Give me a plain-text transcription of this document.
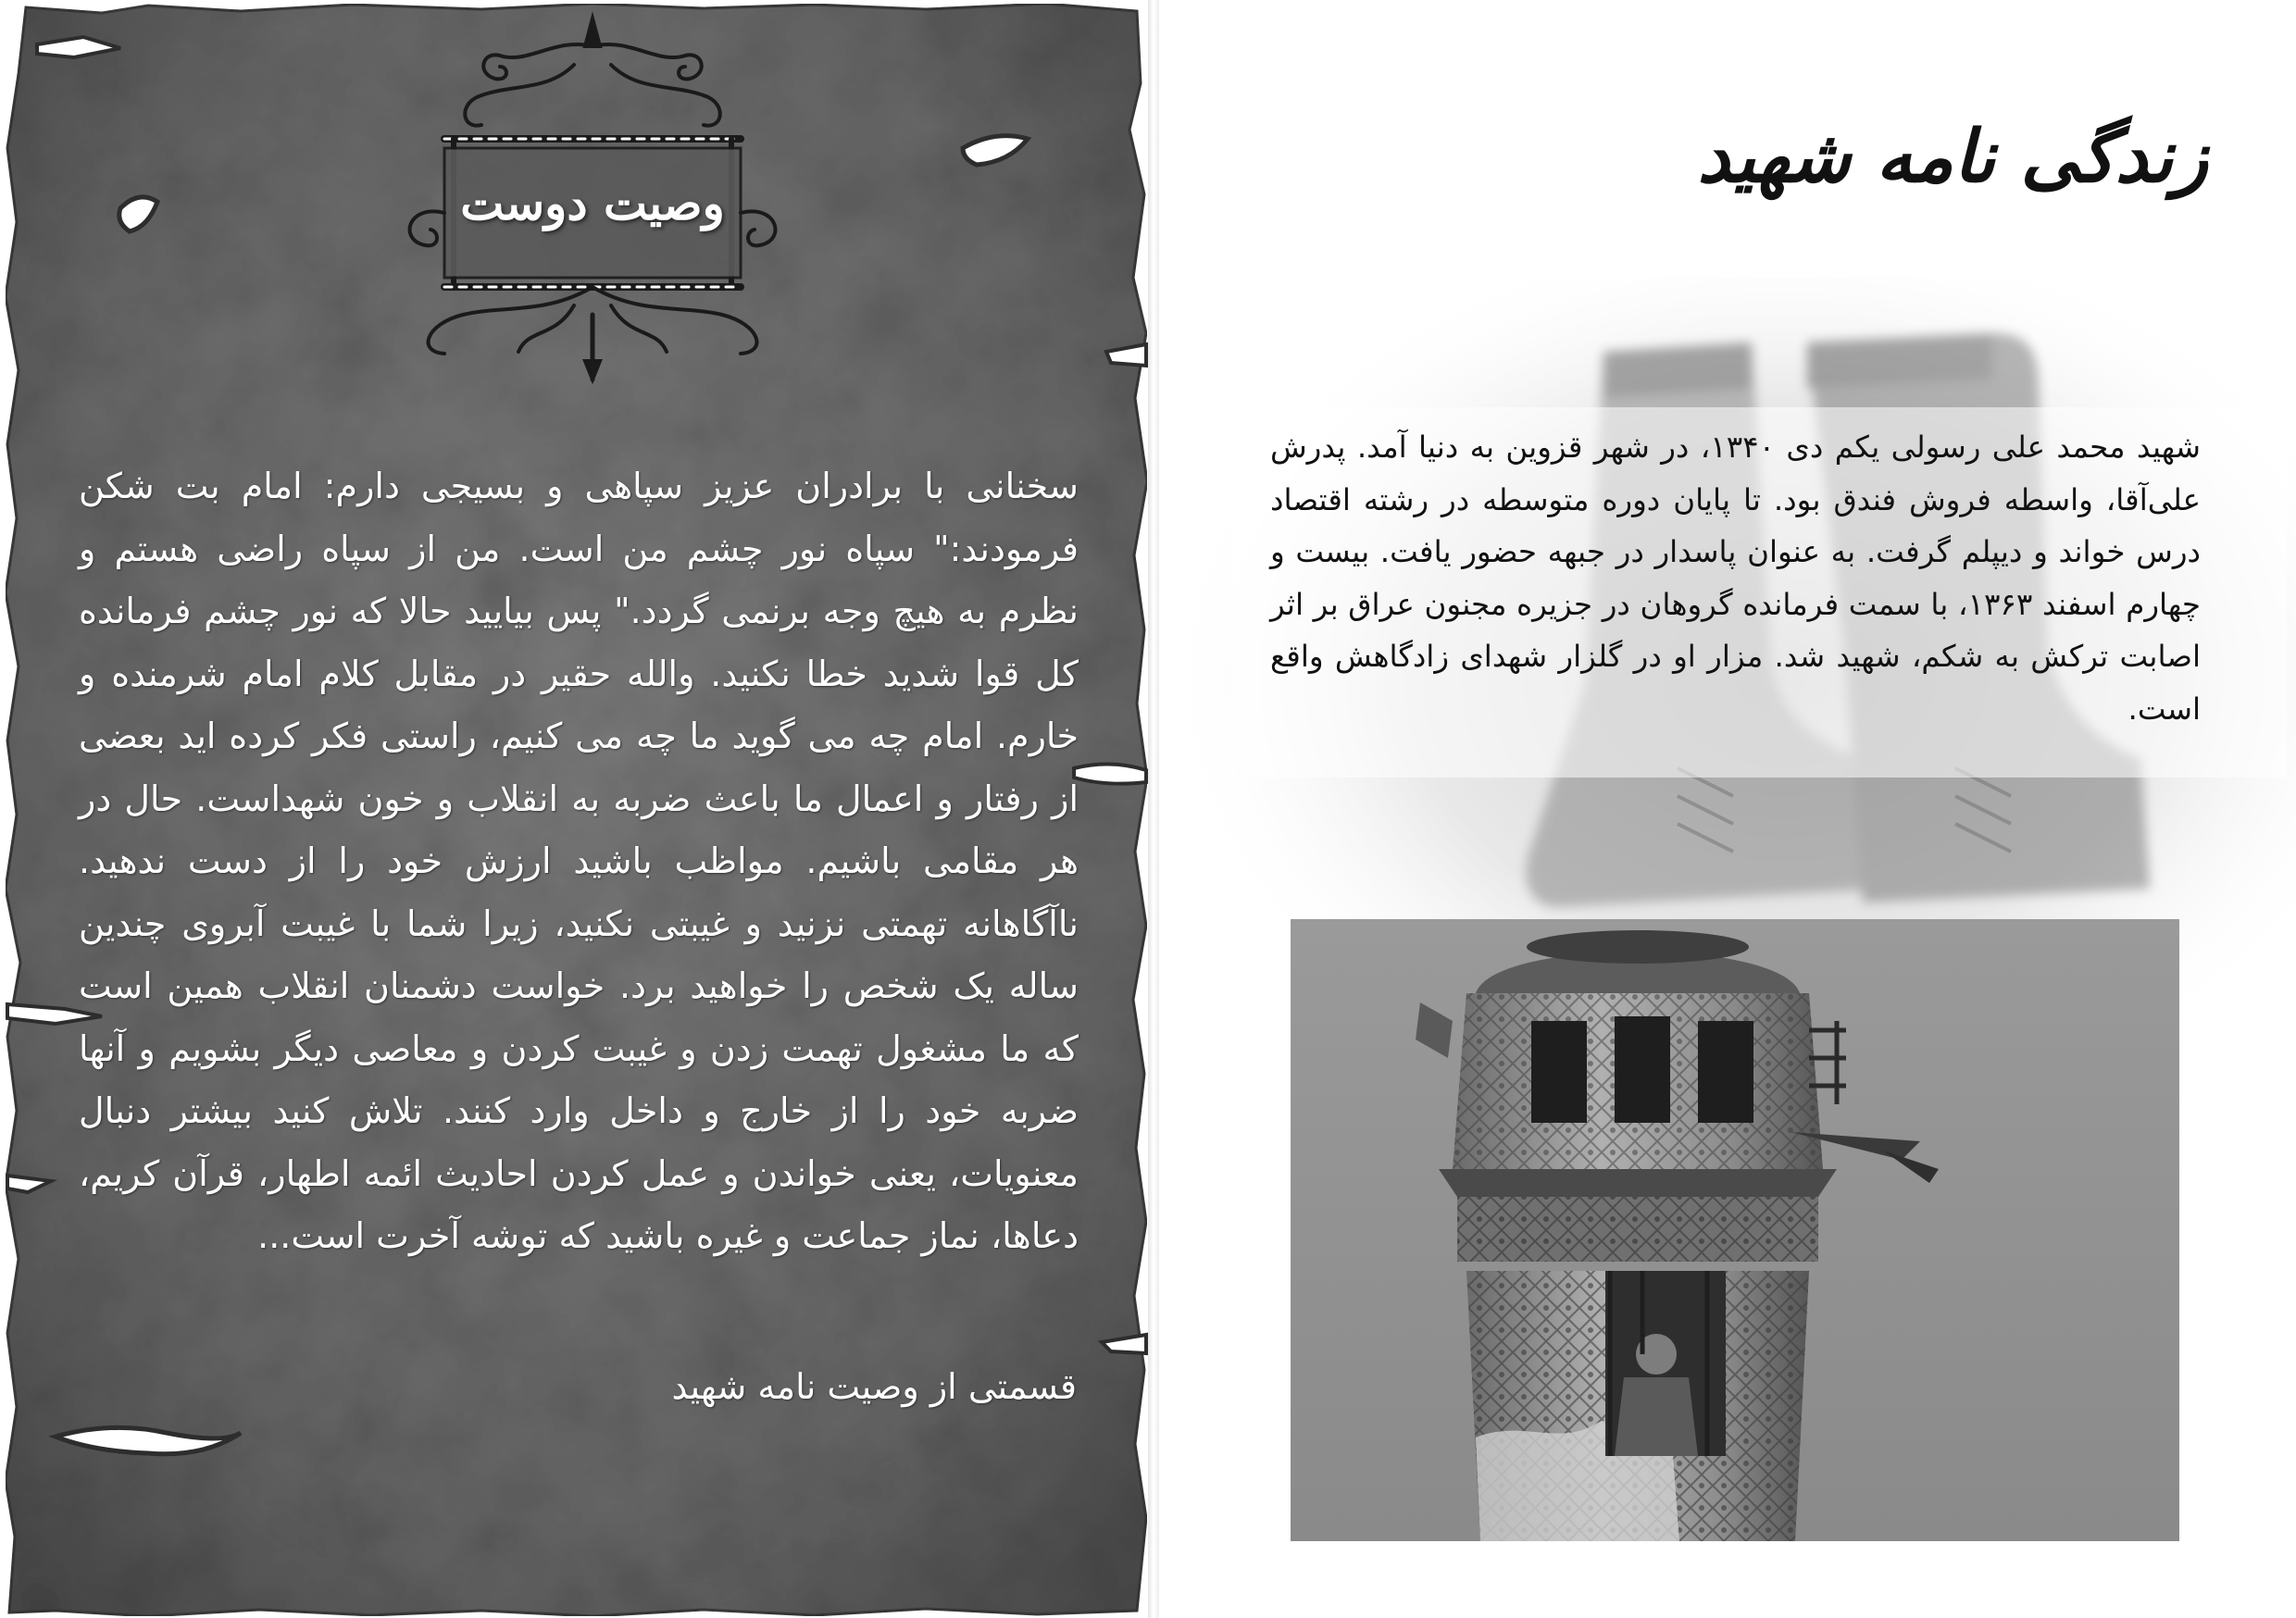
وصیت دوست

سخنانی با برادران عزیز سپاهی و بسیجی دارم: امام بت شکن فرمودند:" سپاه نور چشم من است. من از سپاه راضی هستم و نظرم به هیچ وجه برنمی گردد." پس بیایید حالا که نور چشم فرمانده کل قوا شدید خطا نکنید. والله حقیر در مقابل کلام امام شرمنده و خارم. امام چه می گوید ما چه می کنیم، راستی فکر کرده اید بعضی از رفتار و اعمال ما باعث ضربه به انقلاب و خون شهداست. حال در هر مقامی باشیم. مواظب باشید ارزش خود را از دست ندهید. ناآگاهانه تهمتی نزنید و غیبتی نکنید، زیرا شما با غیبت آبروی چندین ساله یک شخص را خواهید برد. خواست دشمنان انقلاب همین است که ما مشغول تهمت زدن و غیبت کردن و معاصی دیگر بشویم و آنها ضربه خود را از خارج و داخل وارد کنند. تلاش کنید بیشتر دنبال معنویات، یعنی خواندن و عمل کردن احادیث ائمه اطهار، قرآن کریم، دعاها، نماز جماعت و غیره باشید که توشه آخرت است...

قسمتی از وصیت نامه شهید
زندگی نامه شهید

شهید محمد علی رسولی یکم دی ۱۳۴۰، در شهر قزوین به دنیا آمد. پدرش علی‌آقا، واسطه فروش فندق بود. تا پایان دوره متوسطه در رشته اقتصاد درس خواند و دیپلم گرفت. به عنوان پاسدار در جبهه حضور یافت. بیست و چهارم اسفند ۱۳۶۳، با سمت فرمانده گروهان در جزیره مجنون عراق بر اثر اصابت ترکش به شکم، شهید شد. مزار او در گلزار شهدای زادگاهش واقع است.
